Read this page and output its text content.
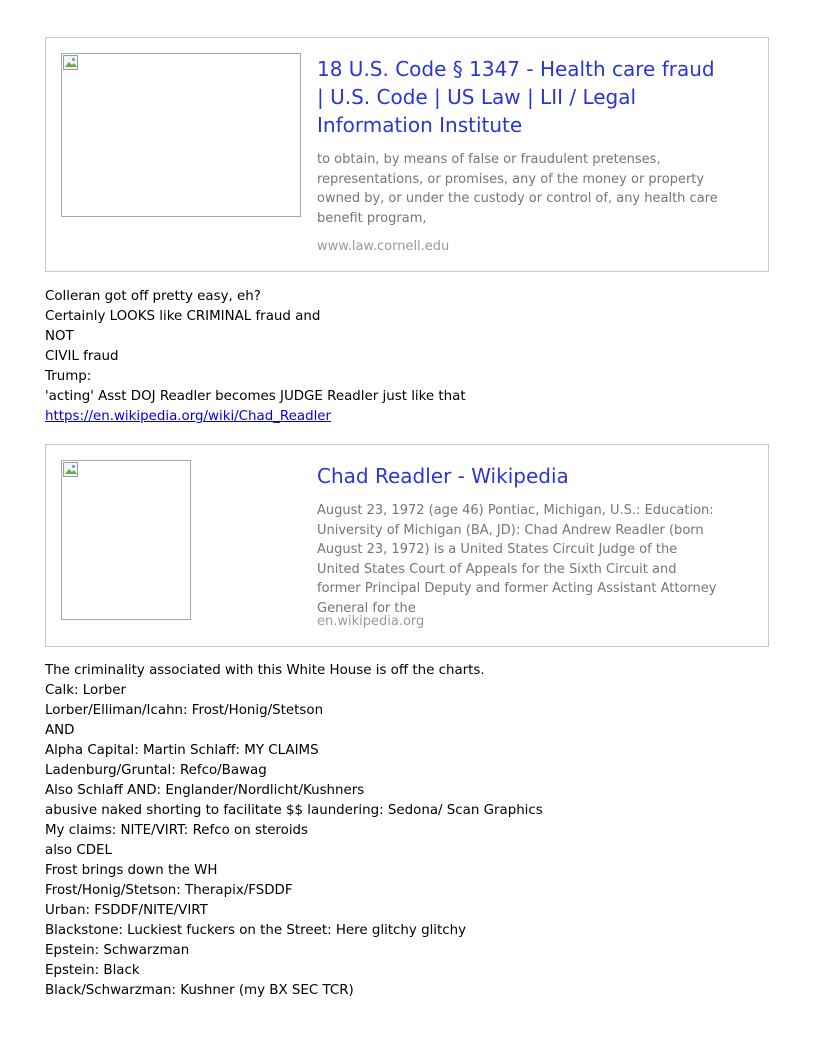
18 U.S. Code § 1347 - Health care fraud | U.S. Code | US Law | LII / Legal Information Institute
to obtain, by means of false or fraudulent pretenses, representations, or promises, any of the money or property owned by, or under the custody or control of, any health care benefit program,
www.law.cornell.edu
Colleran got off pretty easy, eh?
Certainly LOOKS like CRIMINAL fraud and
NOT
CIVIL fraud
Trump:
'acting' Asst DOJ Readler becomes JUDGE Readler just like that
https://en.wikipedia.org/wiki/Chad_Readler
Chad Readler - Wikipedia
August 23, 1972 (age 46) Pontiac, Michigan, U.S.: Education: University of Michigan (BA, JD): Chad Andrew Readler (born August 23, 1972) is a United States Circuit Judge of the United States Court of Appeals for the Sixth Circuit and former Principal Deputy and former Acting Assistant Attorney General for the
en.wikipedia.org
The criminality associated with this White House is off the charts.
Calk: Lorber
Lorber/Elliman/Icahn: Frost/Honig/Stetson
AND
Alpha Capital: Martin Schlaff: MY CLAIMS
Ladenburg/Gruntal: Refco/Bawag
Also Schlaff AND: Englander/Nordlicht/Kushners
abusive naked shorting to facilitate $$ laundering: Sedona/ Scan Graphics
My claims: NITE/VIRT: Refco on steroids
also CDEL
Frost brings down the WH
Frost/Honig/Stetson: Therapix/FSDDF
Urban: FSDDF/NITE/VIRT
Blackstone: Luckiest fuckers on the Street: Here glitchy glitchy
Epstein: Schwarzman
Epstein: Black
Black/Schwarzman: Kushner (my BX SEC TCR)
